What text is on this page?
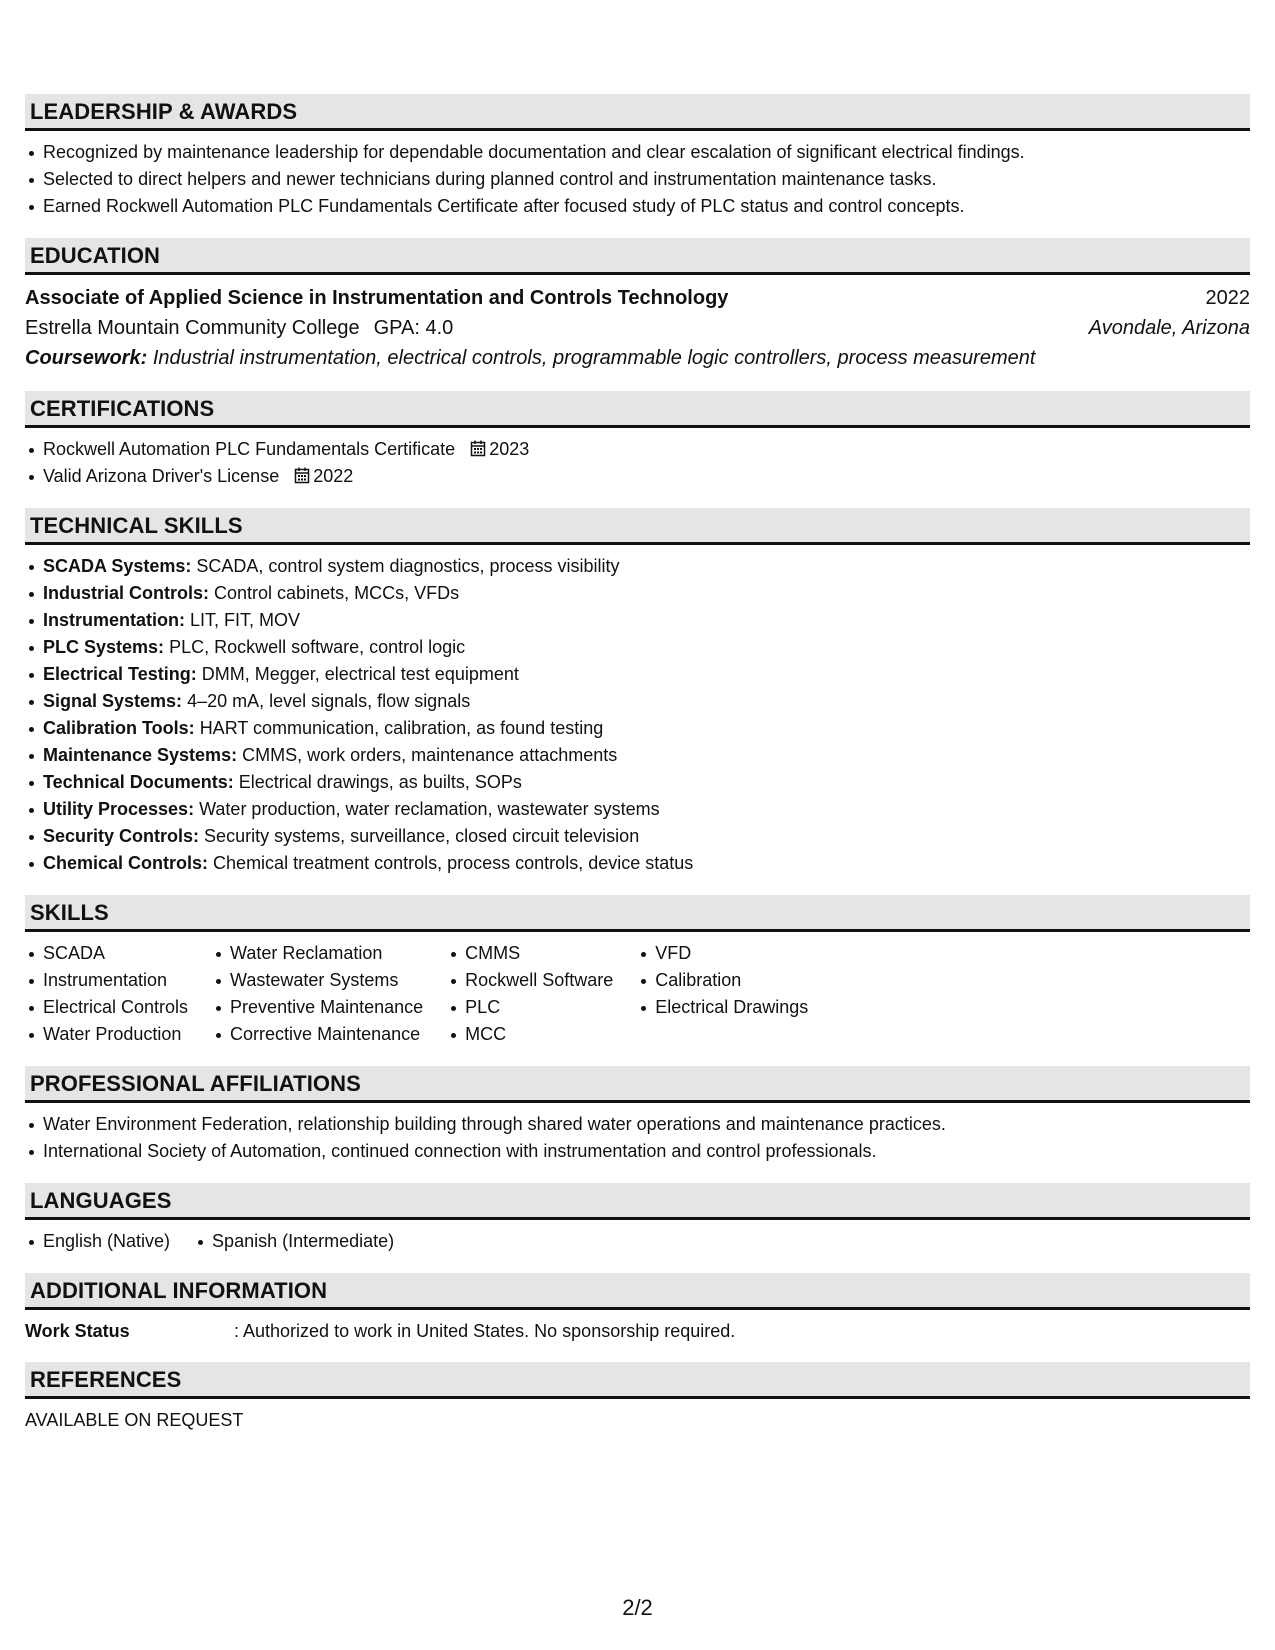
LEADERSHIP & AWARDS
Recognized by maintenance leadership for dependable documentation and clear escalation of significant electrical findings.
Selected to direct helpers and newer technicians during planned control and instrumentation maintenance tasks.
Earned Rockwell Automation PLC Fundamentals Certificate after focused study of PLC status and control concepts.
EDUCATION
Associate of Applied Science in Instrumentation and Controls Technology	2022
Estrella Mountain Community College GPA: 4.0	Avondale, Arizona
Coursework: Industrial instrumentation, electrical controls, programmable logic controllers, process measurement
CERTIFICATIONS
Rockwell Automation PLC Fundamentals Certificate 2023
Valid Arizona Driver's License 2022
TECHNICAL SKILLS
SCADA Systems: SCADA, control system diagnostics, process visibility
Industrial Controls: Control cabinets, MCCs, VFDs
Instrumentation: LIT, FIT, MOV
PLC Systems: PLC, Rockwell software, control logic
Electrical Testing: DMM, Megger, electrical test equipment
Signal Systems: 4–20 mA, level signals, flow signals
Calibration Tools: HART communication, calibration, as found testing
Maintenance Systems: CMMS, work orders, maintenance attachments
Technical Documents: Electrical drawings, as builts, SOPs
Utility Processes: Water production, water reclamation, wastewater systems
Security Controls: Security systems, surveillance, closed circuit television
Chemical Controls: Chemical treatment controls, process controls, device status
SKILLS
SCADA
Instrumentation
Electrical Controls
Water Production
Water Reclamation
Wastewater Systems
Preventive Maintenance
Corrective Maintenance
CMMS
Rockwell Software
PLC
MCC
VFD
Calibration
Electrical Drawings
PROFESSIONAL AFFILIATIONS
Water Environment Federation, relationship building through shared water operations and maintenance practices.
International Society of Automation, continued connection with instrumentation and control professionals.
LANGUAGES
English (Native)	Spanish (Intermediate)
ADDITIONAL INFORMATION
Work Status	: Authorized to work in United States. No sponsorship required.
REFERENCES
AVAILABLE ON REQUEST
2/2
